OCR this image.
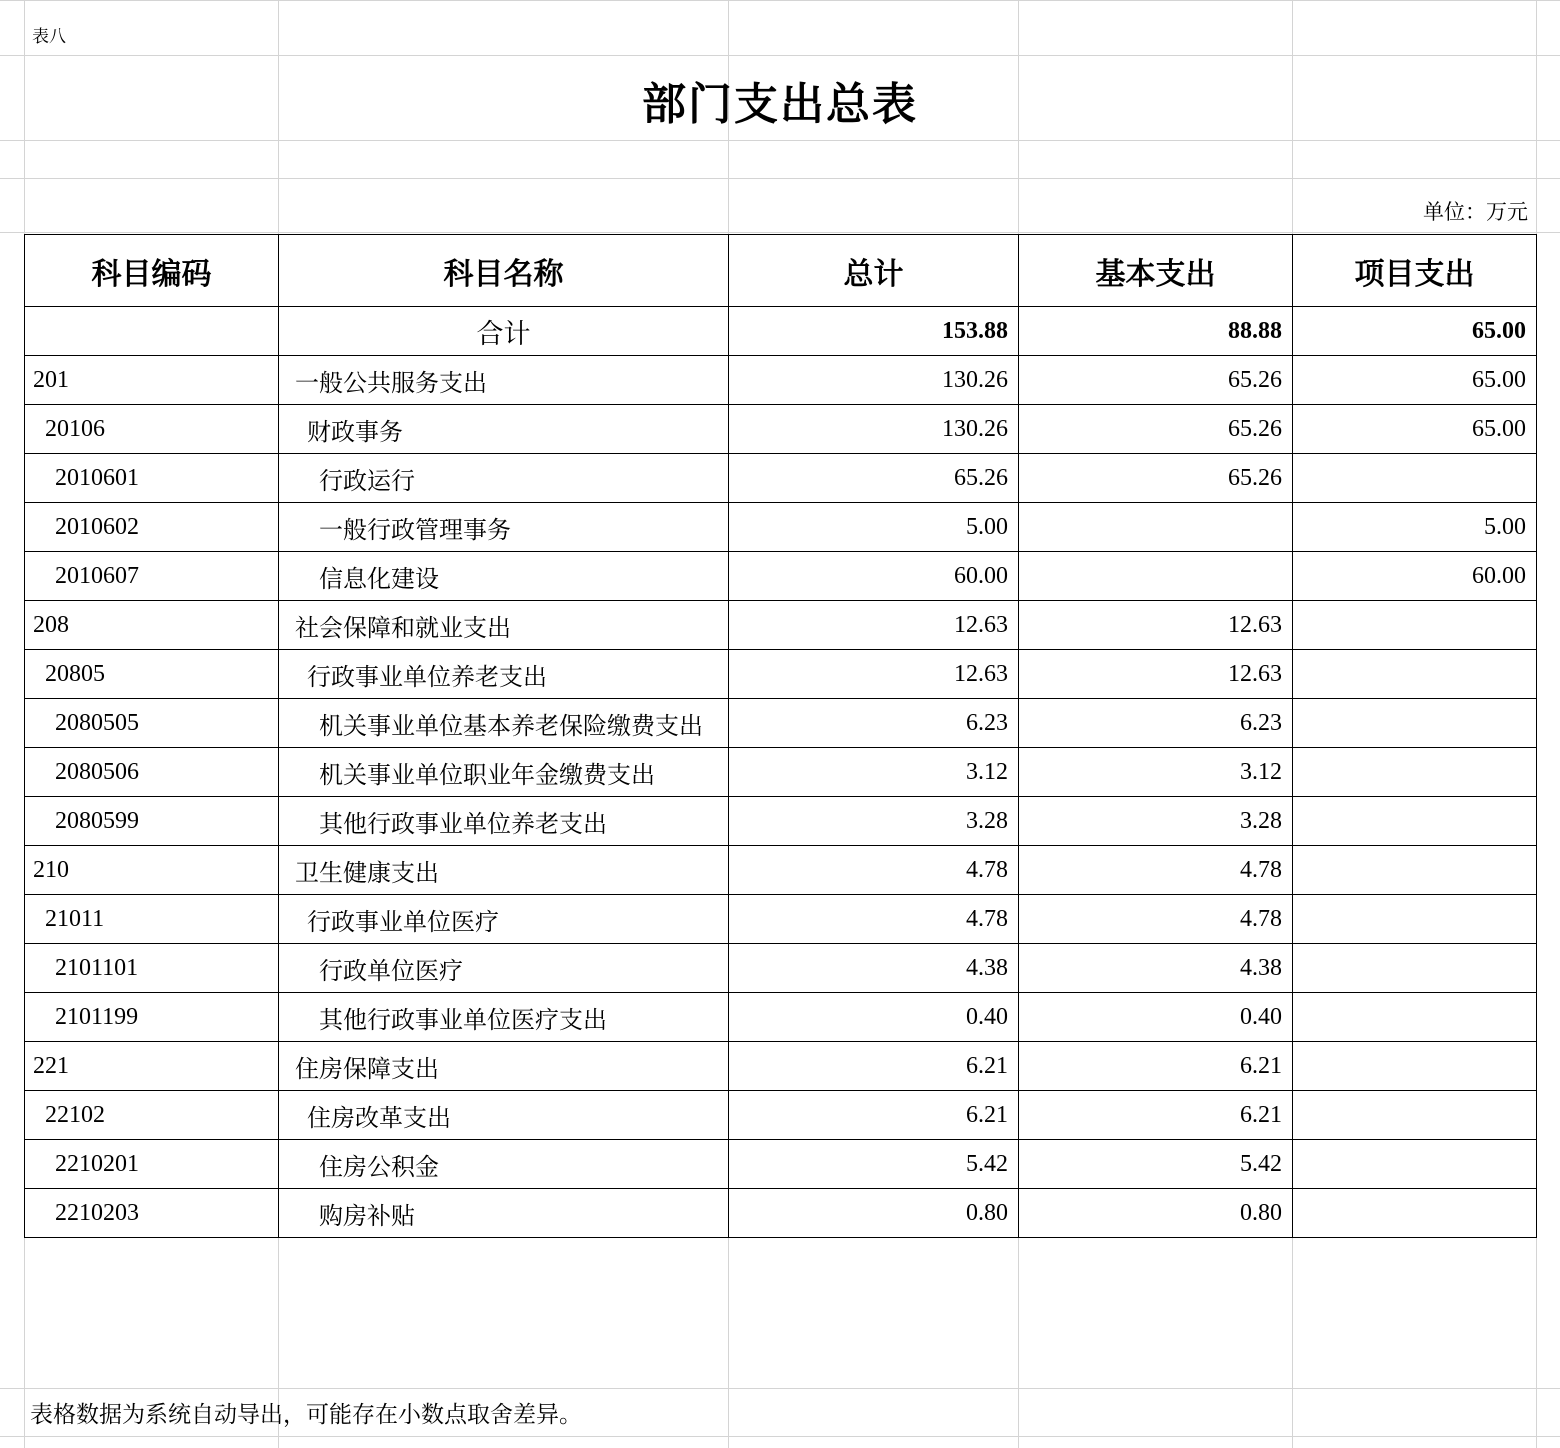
表八
部门支出总表
单位：万元
科目编码	科目名称	总计	基本支出	项目支出
	合计	153.88	88.88	65.00
201	一般公共服务支出	130.26	65.26	65.00
20106	财政事务	130.26	65.26	65.00
2010601	行政运行	65.26	65.26	
2010602	一般行政管理事务	5.00		5.00
2010607	信息化建设	60.00		60.00
208	社会保障和就业支出	12.63	12.63	
20805	行政事业单位养老支出	12.63	12.63	
2080505	机关事业单位基本养老保险缴费支出	6.23	6.23	
2080506	机关事业单位职业年金缴费支出	3.12	3.12	
2080599	其他行政事业单位养老支出	3.28	3.28	
210	卫生健康支出	4.78	4.78	
21011	行政事业单位医疗	4.78	4.78	
2101101	行政单位医疗	4.38	4.38	
2101199	其他行政事业单位医疗支出	0.40	0.40	
221	住房保障支出	6.21	6.21	
22102	住房改革支出	6.21	6.21	
2210201	住房公积金	5.42	5.42	
2210203	购房补贴	0.80	0.80	
表格数据为系统自动导出，可能存在小数点取舍差异。
